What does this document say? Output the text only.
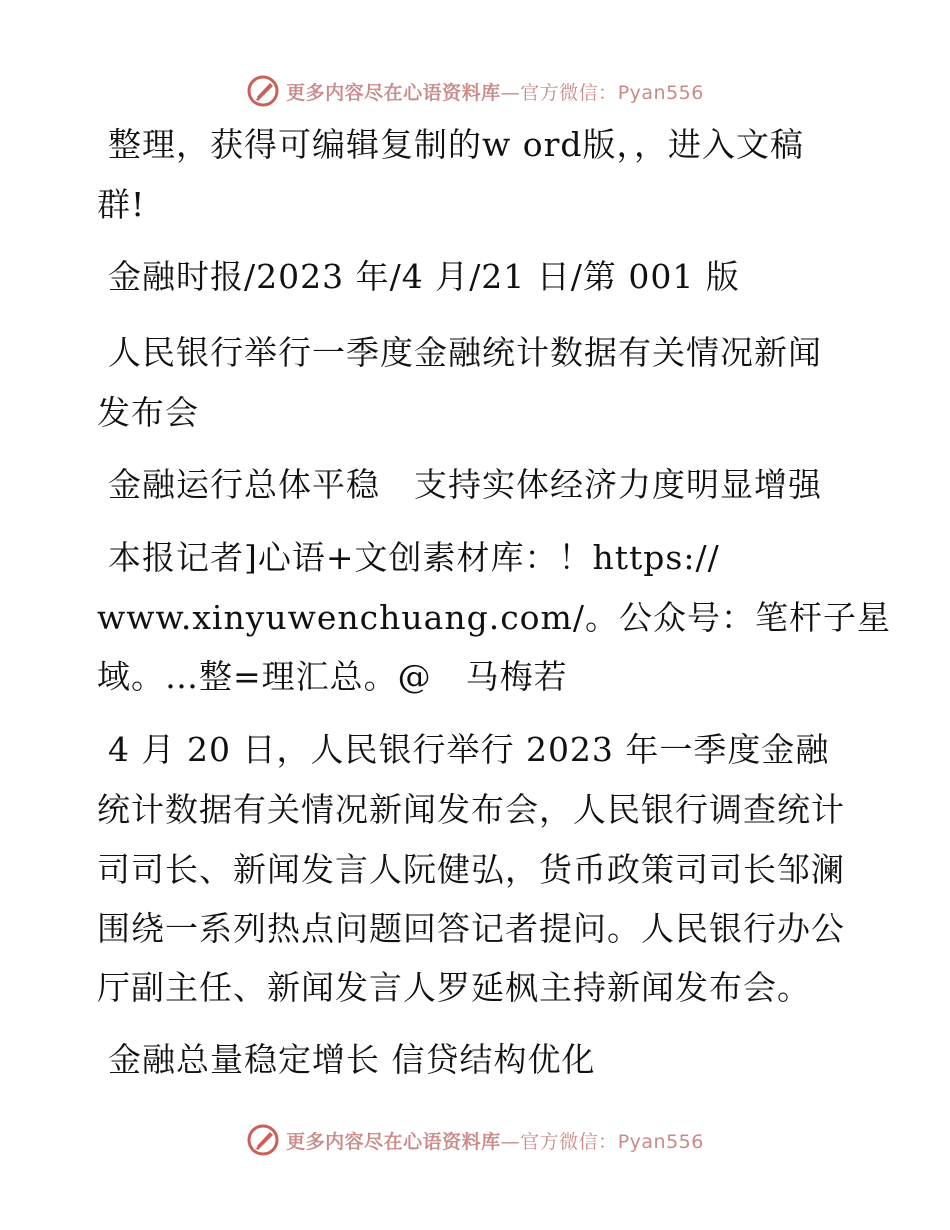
更多内容尽在心语资料库—官方微信：Pyan556
整理，获得可编辑复制的w ord版，，进入文稿
群!
金融时报/2023 年/4 月/21 日/第 001 版
人民银行举行一季度金融统计数据有关情况新闻
发布会
金融运行总体平稳　支持实体经济力度明显增强
本报记者]心语+文创素材库：！https://
www.xinyuwenchuang.com/。公众号：笔杆子星
域。…整=理汇总。@　马梅若
4 月 20 日，人民银行举行 2023 年一季度金融
统计数据有关情况新闻发布会，人民银行调查统计
司司长、新闻发言人阮健弘，货币政策司司长邹澜
围绕一系列热点问题回答记者提问。人民银行办公
厅副主任、新闻发言人罗延枫主持新闻发布会。
金融总量稳定增长 信贷结构优化
更多内容尽在心语资料库—官方微信：Pyan556
